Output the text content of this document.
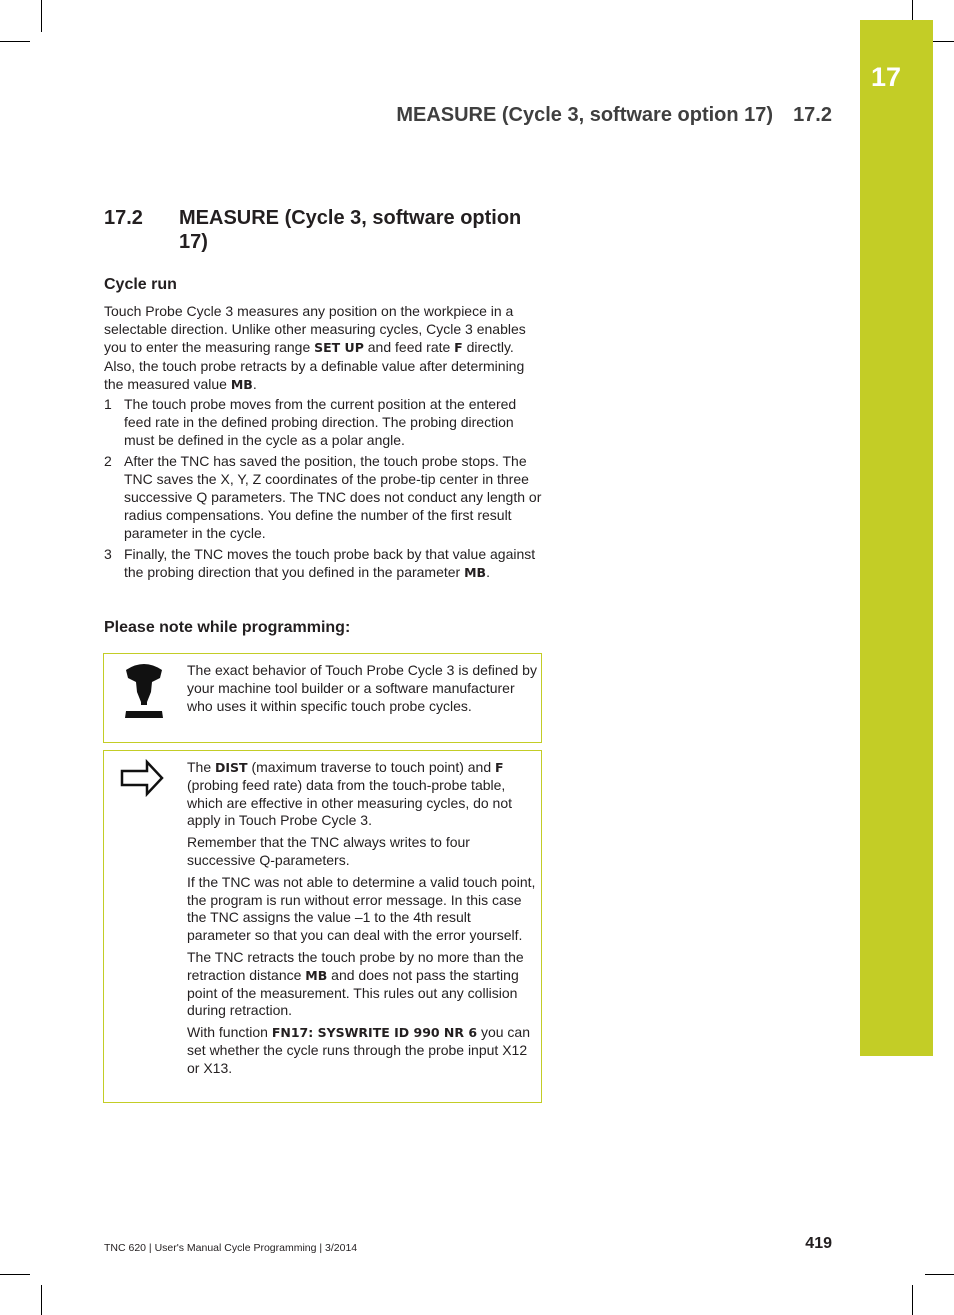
17
MEASURE (Cycle 3, software option 17) 17.2
17.2 MEASURE (Cycle 3, software option 17)
Cycle run
Touch Probe Cycle 3 measures any position on the workpiece in a selectable direction. Unlike other measuring cycles, Cycle 3 enables you to enter the measuring range SET UP and feed rate F directly. Also, the touch probe retracts by a definable value after determining the measured value MB.
1 The touch probe moves from the current position at the entered feed rate in the defined probing direction. The probing direction must be defined in the cycle as a polar angle.
2 After the TNC has saved the position, the touch probe stops. The TNC saves the X, Y, Z coordinates of the probe-tip center in three successive Q parameters. The TNC does not conduct any length or radius compensations. You define the number of the first result parameter in the cycle.
3 Finally, the TNC moves the touch probe back by that value against the probing direction that you defined in the parameter MB.
Please note while programming:

The exact behavior of Touch Probe Cycle 3 is defined by your machine tool builder or a software manufacturer who uses it within specific touch probe cycles.

The DIST (maximum traverse to touch point) and F (probing feed rate) data from the touch-probe table, which are effective in other measuring cycles, do not apply in Touch Probe Cycle 3.

Remember that the TNC always writes to four successive Q-parameters.

If the TNC was not able to determine a valid touch point, the program is run without error message. In this case the TNC assigns the value –1 to the 4th result parameter so that you can deal with the error yourself.

The TNC retracts the touch probe by no more than the retraction distance MB and does not pass the starting point of the measurement. This rules out any collision during retraction.

With function FN17: SYSWRITE ID 990 NR 6 you can set whether the cycle runs through the probe input X12 or X13.

TNC 620 | User's Manual Cycle Programming | 3/2014	419
